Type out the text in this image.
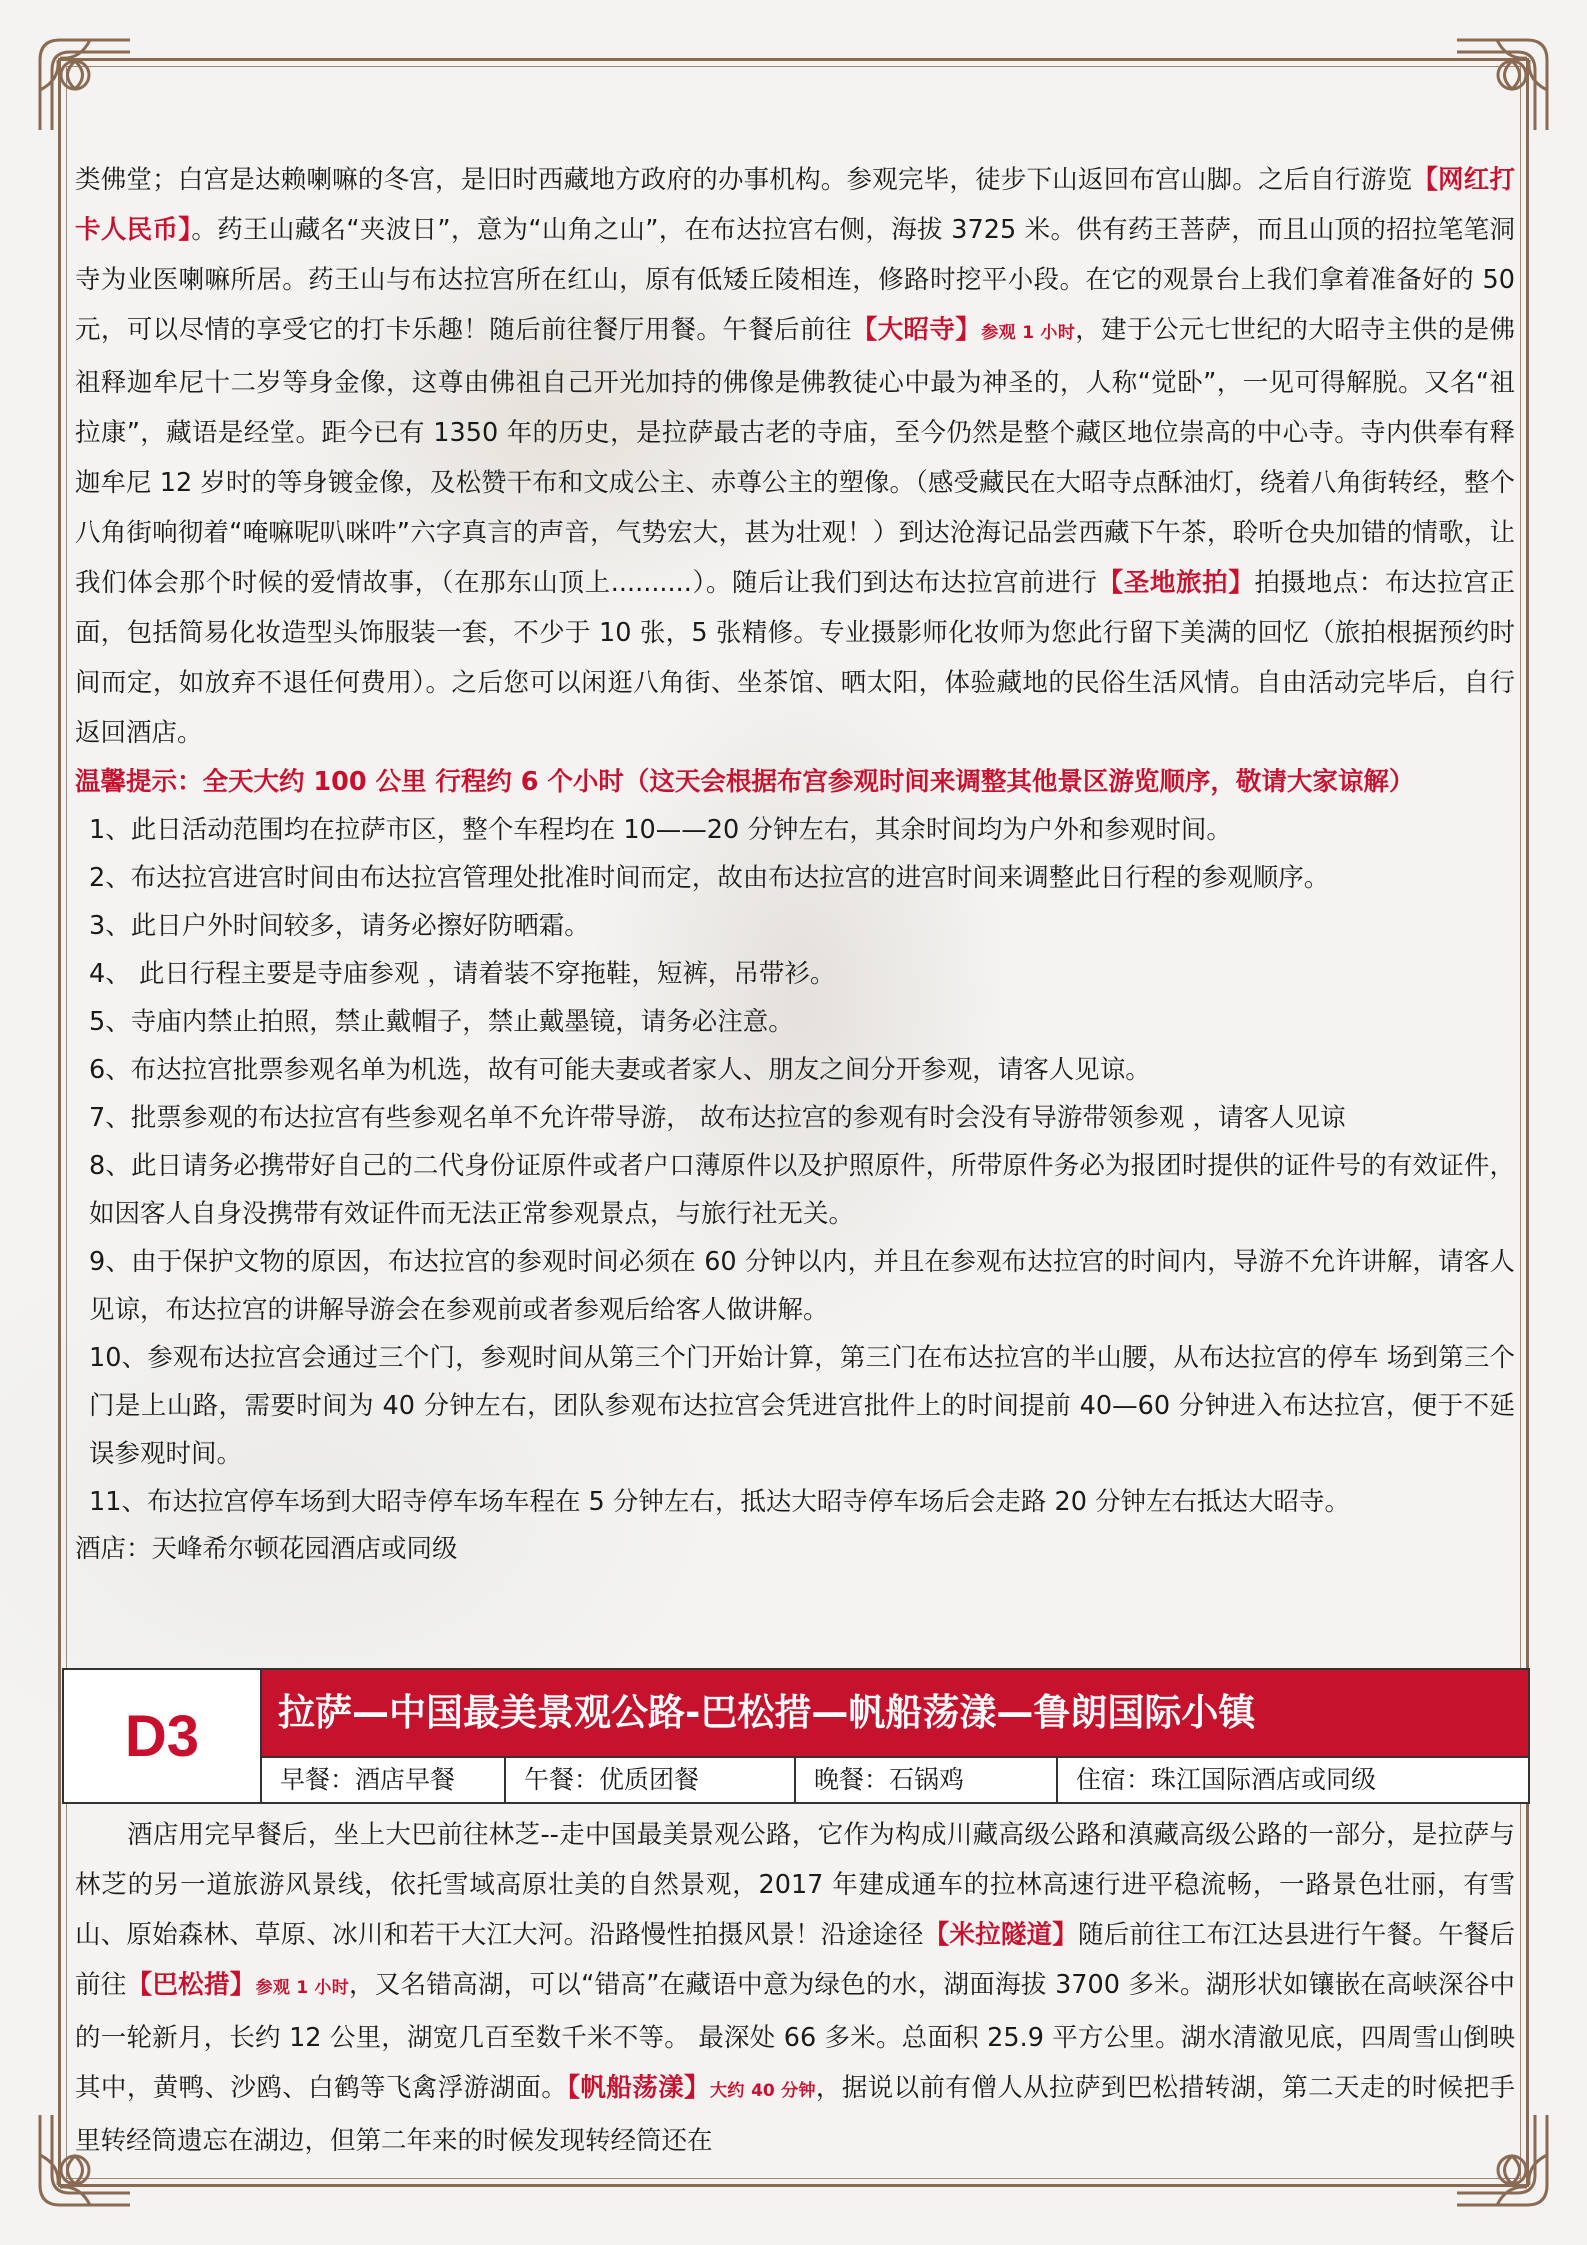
类佛堂；白宫是达赖喇嘛的冬宫，是旧时西藏地方政府的办事机构。参观完毕，徒步下山返回布宫山脚。之后自行游览【网红打卡人民币】。药王山藏名“夹波日”，意为“山角之山”，在布达拉宫右侧，海拔 3725 米。供有药王菩萨，而且山顶的招拉笔笔洞寺为业医喇嘛所居。药王山与布达拉宫所在红山，原有低矮丘陵相连，修路时挖平小段。在它的观景台上我们拿着准备好的 50 元，可以尽情的享受它的打卡乐趣！随后前往餐厅用餐。午餐后前往【大昭寺】参观 1 小时，建于公元七世纪的大昭寺主供的是佛祖释迦牟尼十二岁等身金像，这尊由佛祖自己开光加持的佛像是佛教徒心中最为神圣的，人称“觉卧”，一见可得解脱。又名“祖拉康”，藏语是经堂。距今已有 1350 年的历史，是拉萨最古老的寺庙，至今仍然是整个藏区地位崇高的中心寺。寺内供奉有释迦牟尼 12 岁时的等身镀金像，及松赞干布和文成公主、赤尊公主的塑像。（感受藏民在大昭寺点酥油灯，绕着八角街转经，整个八角街响彻着“唵嘛呢叭咪吽”六字真言的声音，气势宏大，甚为壮观！）到达沧海记品尝西藏下午茶，聆听仓央加错的情歌，让我们体会那个时候的爱情故事，（在那东山顶上..........）。随后让我们到达布达拉宫前进行【圣地旅拍】拍摄地点：布达拉宫正面，包括简易化妆造型头饰服装一套，不少于 10 张，5 张精修。专业摄影师化妆师为您此行留下美满的回忆（旅拍根据预约时间而定，如放弃不退任何费用）。之后您可以闲逛八角街、坐茶馆、晒太阳，体验藏地的民俗生活风情。自由活动完毕后，自行返回酒店。

温馨提示：全天大约 100 公里 行程约 6 个小时（这天会根据布宫参观时间来调整其他景区游览顺序，敬请大家谅解）

1、此日活动范围均在拉萨市区，整个车程均在 10——20 分钟左右，其余时间均为户外和参观时间。
2、布达拉宫进宫时间由布达拉宫管理处批准时间而定，故由布达拉宫的进宫时间来调整此日行程的参观顺序。
3、此日户外时间较多，请务必擦好防晒霜。
4、 此日行程主要是寺庙参观 ，请着装不穿拖鞋，短裤，吊带衫。
5、寺庙内禁止拍照，禁止戴帽子，禁止戴墨镜，请务必注意。
6、布达拉宫批票参观名单为机选，故有可能夫妻或者家人、朋友之间分开参观，请客人见谅。
7、批票参观的布达拉宫有些参观名单不允许带导游， 故布达拉宫的参观有时会没有导游带领参观 ，请客人见谅
8、此日请务必携带好自己的二代身份证原件或者户口薄原件以及护照原件，所带原件务必为报团时提供的证件号的有效证件，如因客人自身没携带有效证件而无法正常参观景点，与旅行社无关。
9、由于保护文物的原因，布达拉宫的参观时间必须在 60 分钟以内，并且在参观布达拉宫的时间内，导游不允许讲解，请客人见谅，布达拉宫的讲解导游会在参观前或者参观后给客人做讲解。
10、参观布达拉宫会通过三个门，参观时间从第三个门开始计算，第三门在布达拉宫的半山腰，从布达拉宫的停车 场到第三个门是上山路，需要时间为 40 分钟左右，团队参观布达拉宫会凭进宫批件上的时间提前 40—60 分钟进入布达拉宫，便于不延误参观时间。
11、布达拉宫停车场到大昭寺停车场车程在 5 分钟左右，抵达大昭寺停车场后会走路 20 分钟左右抵达大昭寺。

酒店：天峰希尔顿花园酒店或同级

D3	拉萨—中国最美景观公路-巴松措—帆船荡漾—鲁朗国际小镇
早餐：酒店早餐	午餐：优质团餐	晚餐：石锅鸡	住宿：珠江国际酒店或同级

酒店用完早餐后，坐上大巴前往林芝--走中国最美景观公路，它作为构成川藏高级公路和滇藏高级公路的一部分，是拉萨与林芝的另一道旅游风景线，依托雪域高原壮美的自然景观，2017 年建成通车的拉林高速行进平稳流畅，一路景色壮丽，有雪山、原始森林、草原、冰川和若干大江大河。沿路慢性拍摄风景！沿途途径【米拉隧道】随后前往工布江达县进行午餐。午餐后前往【巴松措】参观 1 小时，又名错高湖，可以“错高”在藏语中意为绿色的水，湖面海拔 3700 多米。湖形状如镶嵌在高峡深谷中的一轮新月，长约 12 公里，湖宽几百至数千米不等。 最深处 66 多米。总面积 25.9 平方公里。湖水清澈见底，四周雪山倒映其中，黄鸭、沙鸥、白鹤等飞禽浮游湖面。【帆船荡漾】大约 40 分钟，据说以前有僧人从拉萨到巴松措转湖，第二天走的时候把手里转经筒遗忘在湖边，但第二年来的时候发现转经筒还在
